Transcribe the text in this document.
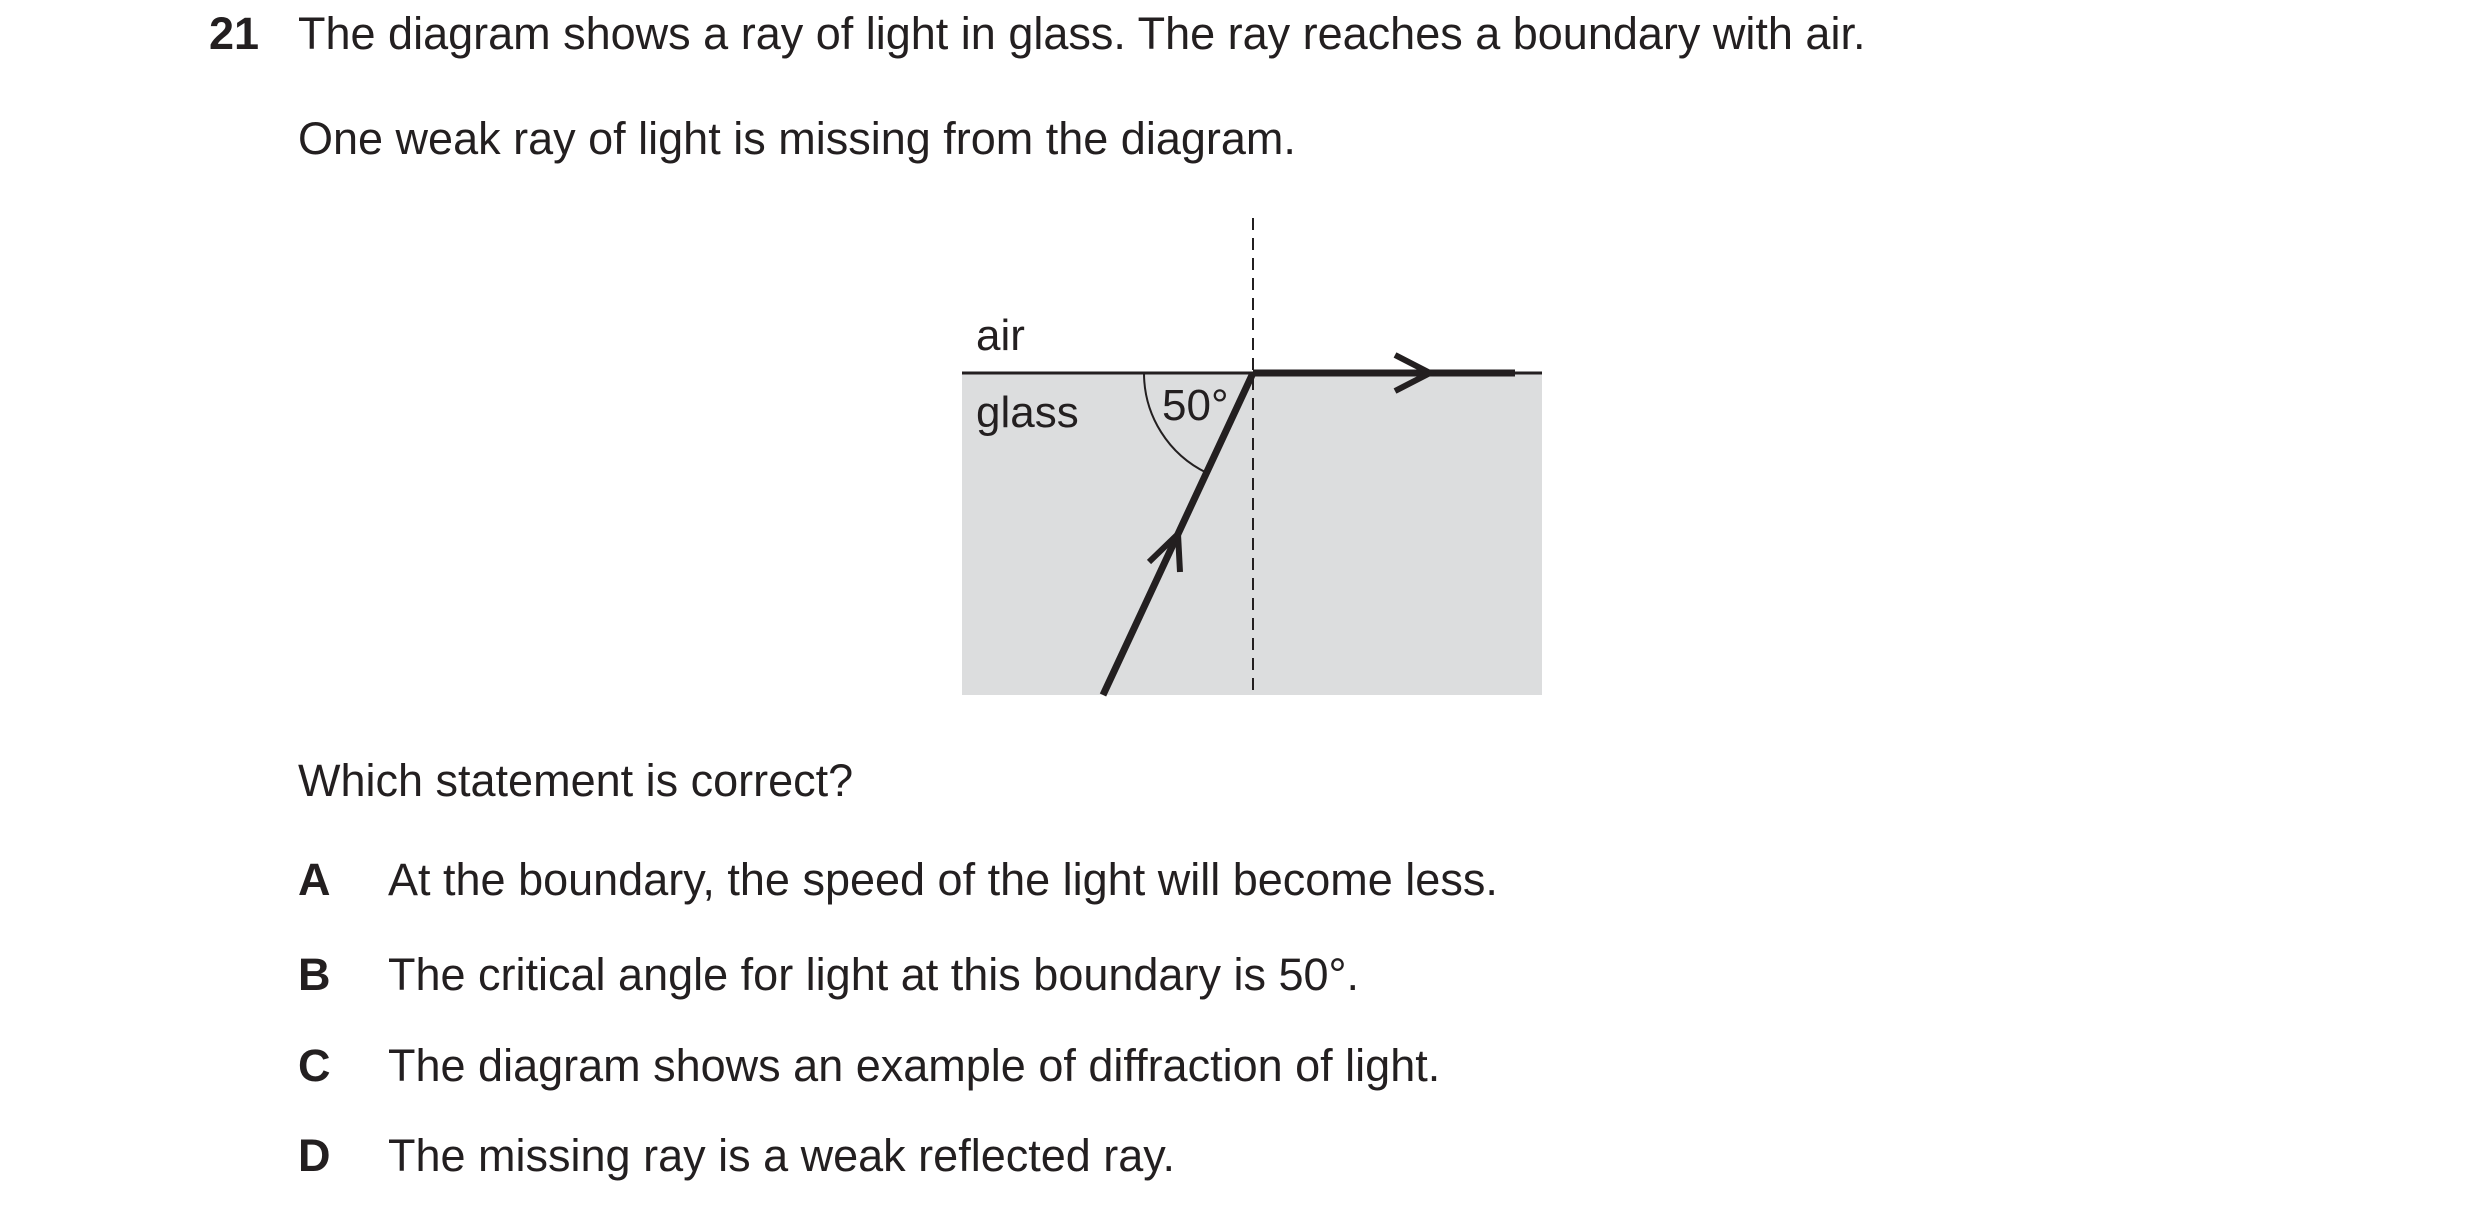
21 The diagram shows a ray of light in glass. The ray reaches a boundary with air.
One weak ray of light is missing from the diagram.
air
glass 50°
Which statement is correct?
A At the boundary, the speed of the light will become less.
B The critical angle for light at this boundary is 50°.
C The diagram shows an example of diffraction of light.
D The missing ray is a weak reflected ray.
